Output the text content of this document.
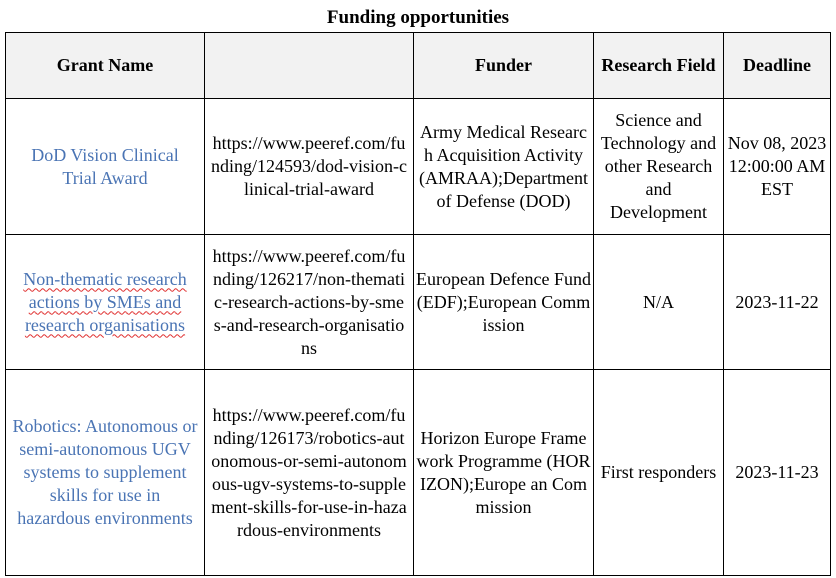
Funding opportunities
Grant Name		Funder	Research Field	Deadline
DoD Vision Clinical Trial Award	https://www.peeref.com/funding/124593/dod-vision-clinical-trial-award	Army Medical Research Acquisition Activity (AMRAA);Department of Defense (DOD)	Science and Technology and other Research and Development	Nov 08, 2023 12:00:00 AM EST
Non-thematic research actions by SMEs and research organisations	https://www.peeref.com/funding/126217/non-thematic-research-actions-by-smes-and-research-organisations	European Defence Fund (EDF);European Commission	N/A	2023-11-22
Robotics: Autonomous or semi-autonomous UGV systems to supplement skills for use in hazardous environments	https://www.peeref.com/funding/126173/robotics-autonomous-or-semi-autonomous-ugv-systems-to-supplement-skills-for-use-in-hazardous-environments	Horizon Europe Framework Programme (HORIZON);Europe an Commission	First responders	2023-11-23
